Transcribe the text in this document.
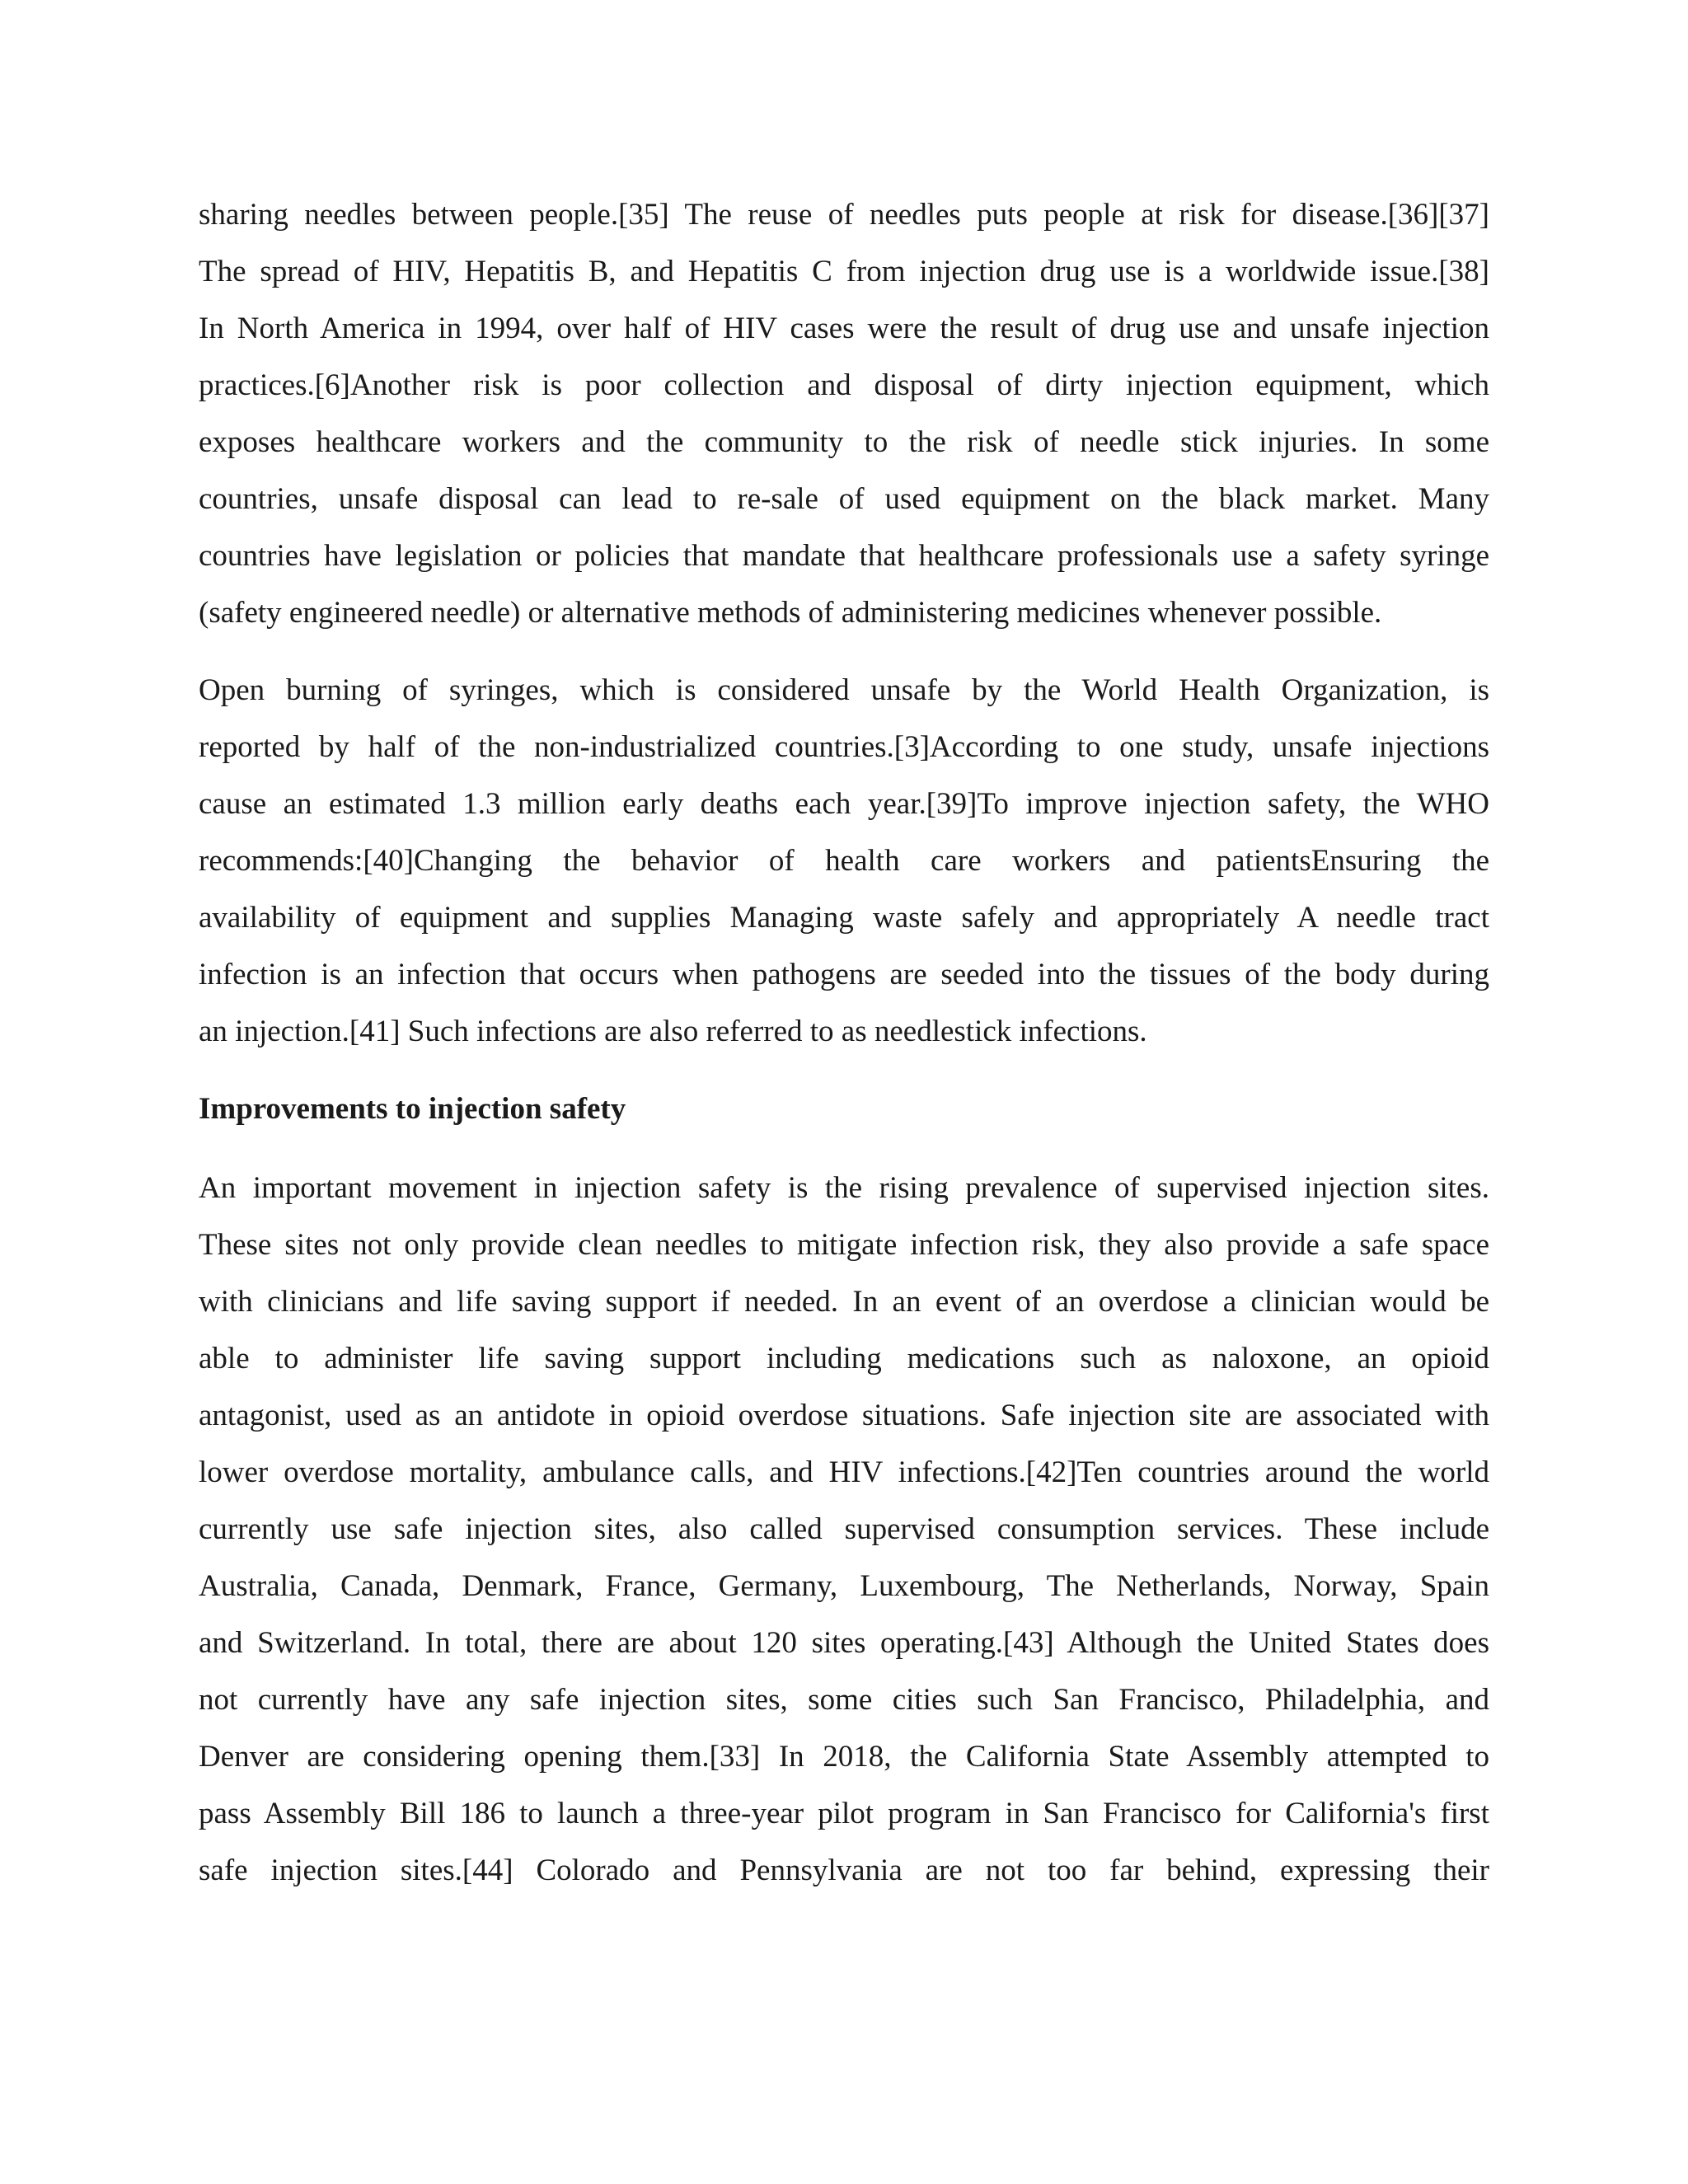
sharing needles between people.[35] The reuse of needles puts people at risk for disease.[36][37]
The spread of HIV, Hepatitis B, and Hepatitis C from injection drug use is a worldwide issue.[38]
In North America in 1994, over half of HIV cases were the result of drug use and unsafe injection
practices.[6]Another risk is poor collection and disposal of dirty injection equipment, which
exposes healthcare workers and the community to the risk of needle stick injuries. In some
countries, unsafe disposal can lead to re-sale of used equipment on the black market. Many
countries have legislation or policies that mandate that healthcare professionals use a safety syringe
(safety engineered needle) or alternative methods of administering medicines whenever possible.
Open burning of syringes, which is considered unsafe by the World Health Organization, is
reported by half of the non-industrialized countries.[3]According to one study, unsafe injections
cause an estimated 1.3 million early deaths each year.[39]To improve injection safety, the WHO
recommends:[40]Changing the behavior of health care workers and patientsEnsuring the
availability of equipment and supplies Managing waste safely and appropriately A needle tract
infection is an infection that occurs when pathogens are seeded into the tissues of the body during
an injection.[41] Such infections are also referred to as needlestick infections.
Improvements to injection safety
An important movement in injection safety is the rising prevalence of supervised injection sites.
These sites not only provide clean needles to mitigate infection risk, they also provide a safe space
with clinicians and life saving support if needed. In an event of an overdose a clinician would be
able to administer life saving support including medications such as naloxone, an opioid
antagonist, used as an antidote in opioid overdose situations. Safe injection site are associated with
lower overdose mortality, ambulance calls, and HIV infections.[42]Ten countries around the world
currently use safe injection sites, also called supervised consumption services. These include
Australia, Canada, Denmark, France, Germany, Luxembourg, The Netherlands, Norway, Spain
and Switzerland. In total, there are about 120 sites operating.[43] Although the United States does
not currently have any safe injection sites, some cities such San Francisco, Philadelphia, and
Denver are considering opening them.[33] In 2018, the California State Assembly attempted to
pass Assembly Bill 186 to launch a three-year pilot program in San Francisco for California's first
safe injection sites.[44] Colorado and Pennsylvania are not too far behind, expressing their
